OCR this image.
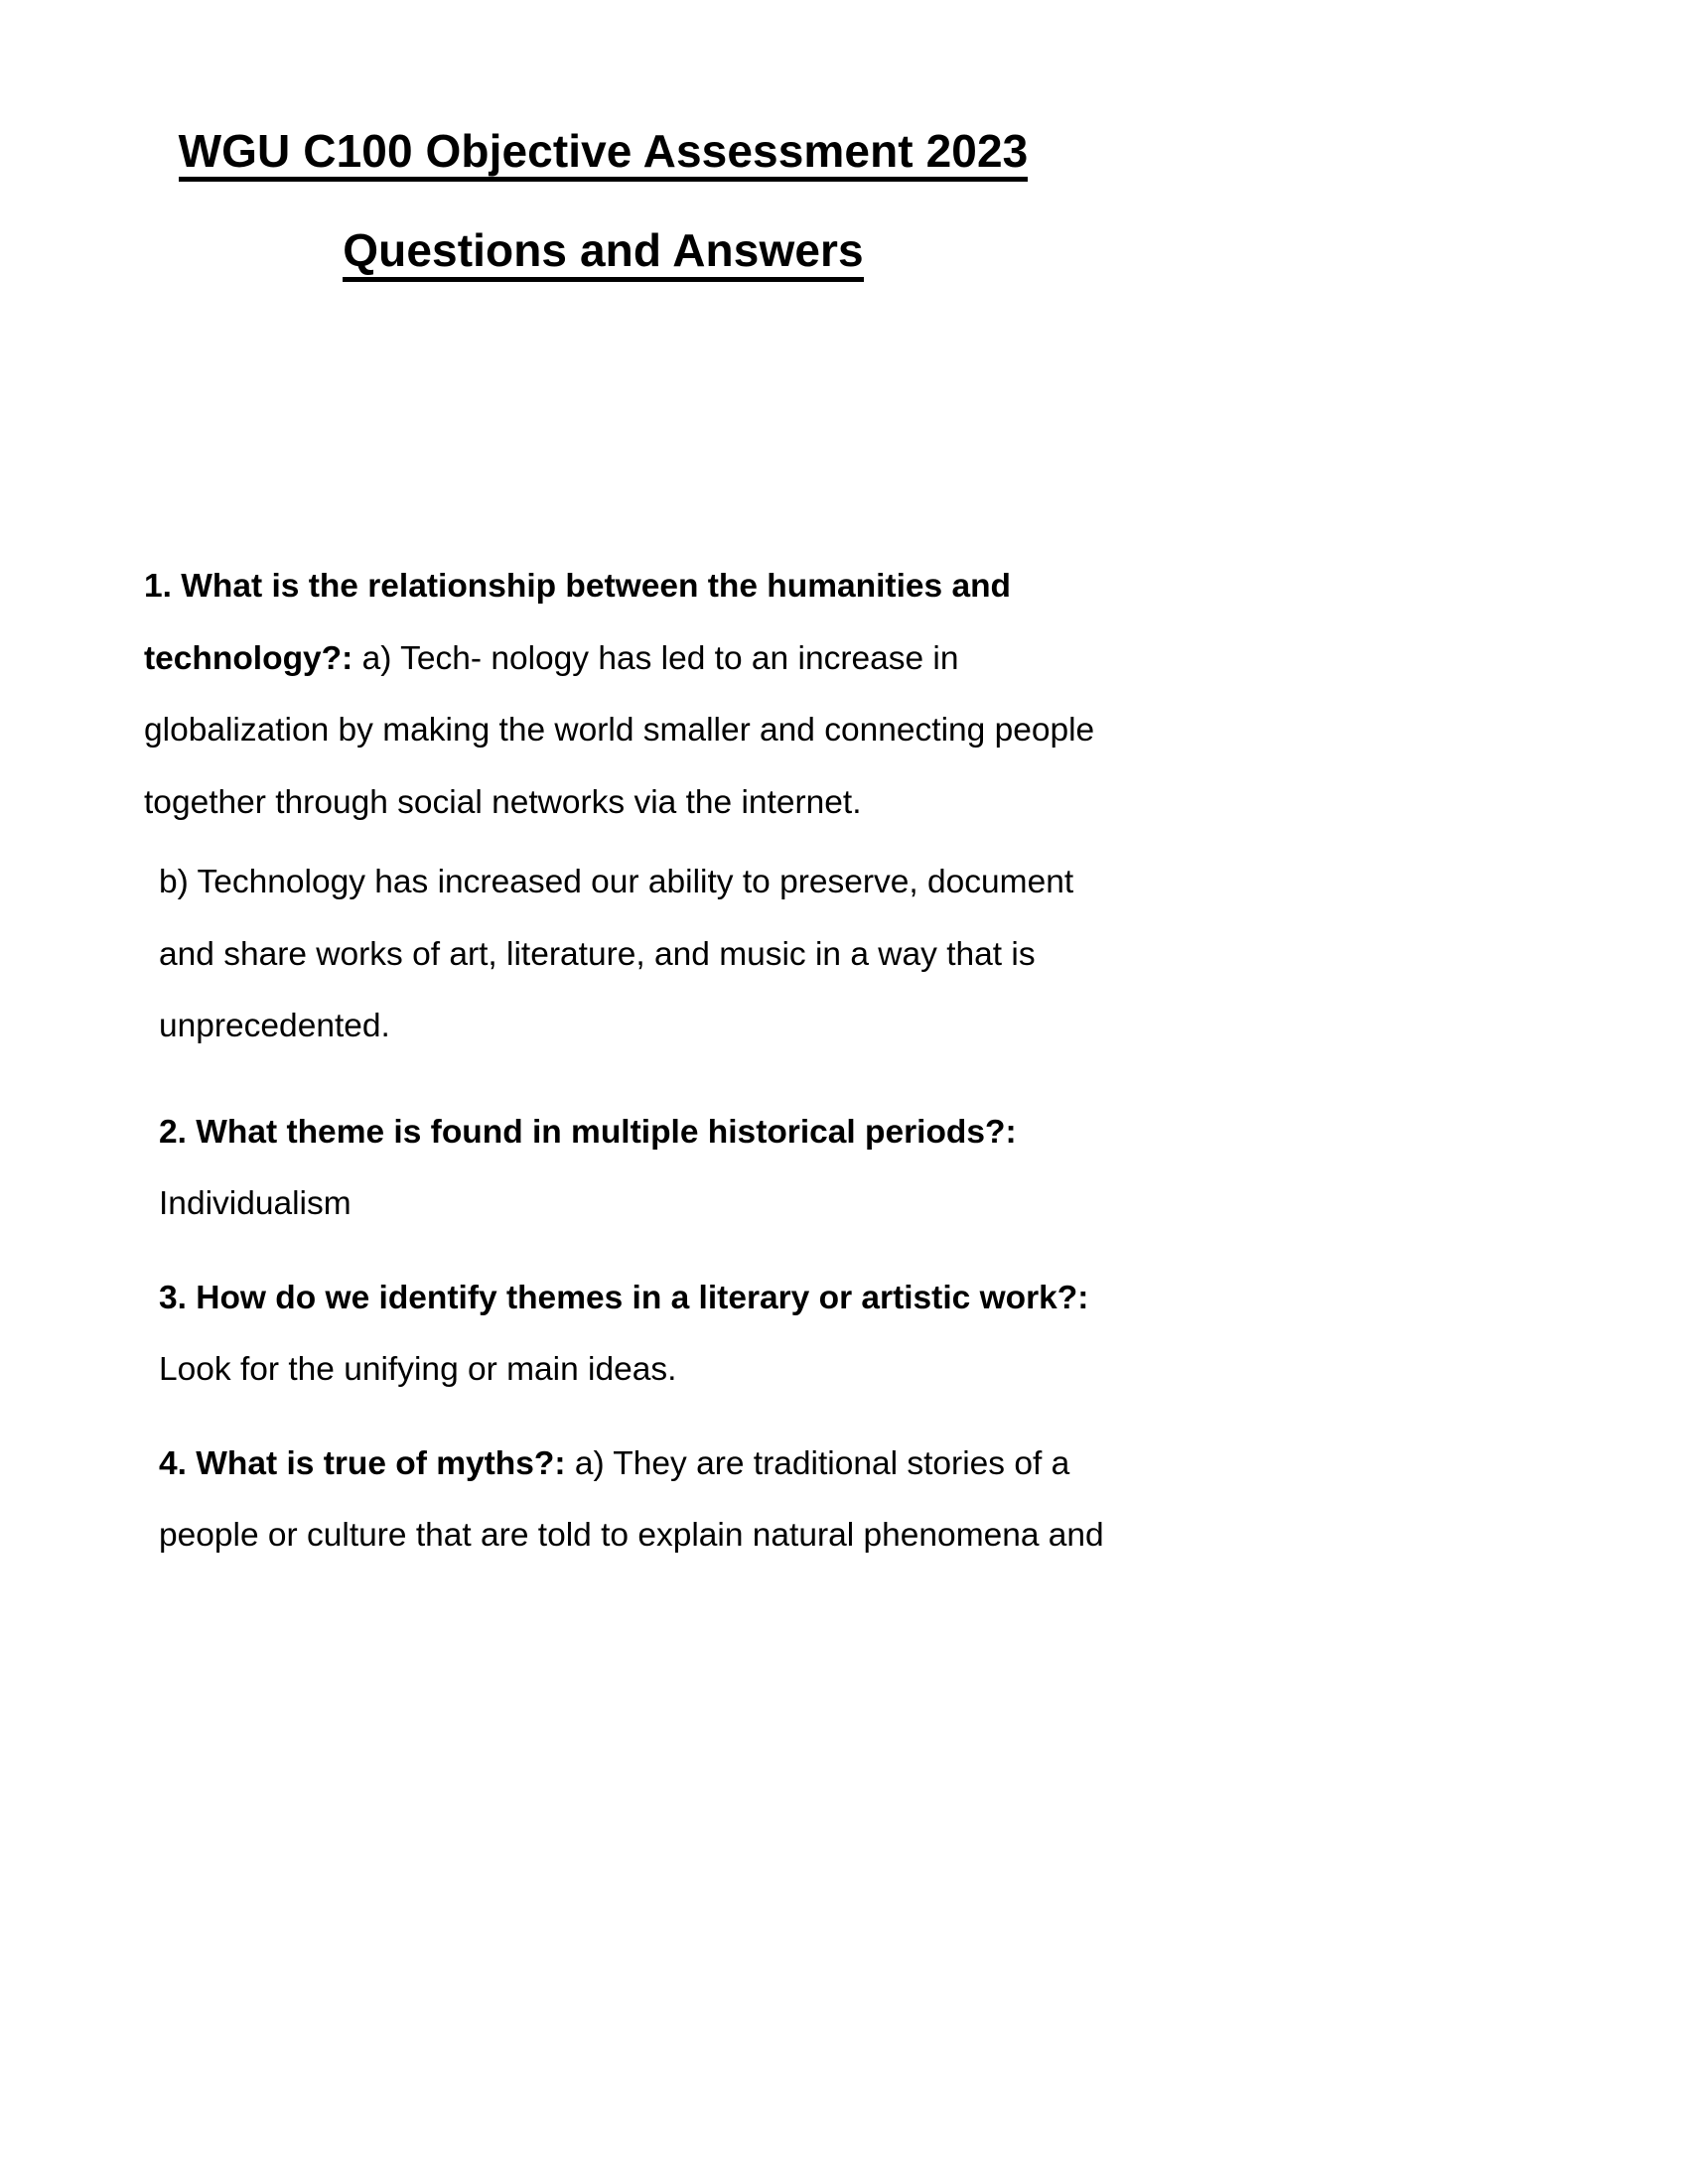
WGU C100 Objective Assessment 2023
Questions and Answers

1. What is the relationship between the humanities and technology?: a) Tech- nology has led to an increase in globalization by making the world smaller and connecting people together through social networks via the internet.

b) Technology has increased our ability to preserve, document and share works of art, literature, and music in a way that is unprecedented.

2. What theme is found in multiple historical periods?:

Individualism

3. How do we identify themes in a literary or artistic work?: Look for the unifying or main ideas.

4. What is true of myths?: a) They are traditional stories of a people or culture that are told to explain natural phenomena and
